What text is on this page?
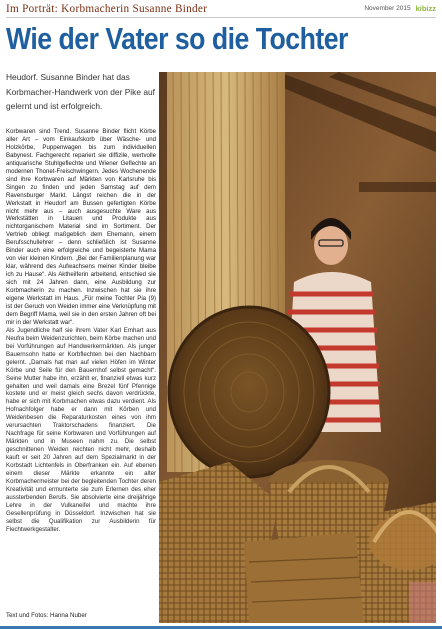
Im Porträt: Korbmacherin Susanne Binder	November 2015 kibizz
Wie der Vater so die Tochter
Heudorf. Susanne Binder hat das Korbmacher-Handwerk von der Pike auf gelernt und ist erfolgreich.

Korbwaren sind Trend. Susanne Binder flicht Körbe aller Art – vom Einkaufskorb über Wäsche- und Holzkörbe, Puppenwagen bis zum individuellen Babynest. Fachgerecht repariert sie diffizile, wertvolle antiquarische Stuhlgeflechte und Wiener Geflechte an modernen Thonet-Freischwingern. Jedes Wochenende sind ihre Korbwaren auf Märkten von Karlsruhe bis Singen zu finden und jeden Samstag auf dem Ravensburger Markt. Längst reichen die in der Werkstatt in Heudorf am Bussen gefertigten Körbe nicht mehr aus – auch ausgesuchte Ware aus Werkstätten in Litauen und Produkte aus nichtorganischem Material sind im Sortiment. Der Vertrieb obliegt maßgeblich dem Ehemann, einem Berufsschullehrer – denn schließlich ist Susanne Binder auch eine erfolgreiche und begeisterte Mama von vier kleinen Kindern. „Bei der Familienplanung war klar, während des Aufwachsens meiner Kinder bleibe ich zu Hause“. Als Aktheilferin arbeitend, entschied sie sich mit 24 Jahren dann, eine Ausbildung zur Korbmacherin zu machen. Inzwischen hat sie ihre eigene Werkstatt im Haus. „Für meine Tochter Pia (9) ist der Geruch von Weiden immer eine Verknüpfung mit dem Begriff Mama, weil sie in den ersten Jahren oft bei mir in der Werkstatt war“.

Als Jugendliche half sie ihrem Vater Karl Emhart aus Neufra beim Weidenzurichten, beim Körbe machen und bei Vorführungen auf Handwerkermärkten. Als junger Bauernsohn hatte er Korbflechten bei den Nachbarn gelernt. „Damals hat man auf vielen Höfen im Winter Körbe und Seile für den Bauernhof selbst gemacht“. Seine Mutter habe ihn, erzählt er, finanziell etwas kurz gehalten und weil damals eine Brezel fünf Pfennige kostete und er meist gleich sechs davon verdrückte, habe er sich mit Korbmachen etwas dazu verdient. Als Hofnachfolger habe er dann mit Körben und Weidenbesen die Reparaturkosten eines von ihm verursachten Traktorschadens finanziert. Die Nachfrage für seine Korbwaren und Vorführungen auf Märkten und in Museen nahm zu. Die selbst geschnittenen Weiden reichten nicht mehr, deshalb kauft er seit 20 Jahren auf dem Spezialmarkt in der Korbstadt Lichtenfels in Oberfranken ein. Auf ebenen einem dieser Märkte erkannte ein alter Korbmachermeister bei der begleitenden Tochter deren Kreativität und ermunterte sie zum Erlernen des eher aussterbenden Berufs. Sie absolvierte eine dreijährige Lehre in der Vulkaneifel und machte ihre Gesellenprüfung in Düsseldorf. Inzwischen hat sie selbst die Qualifikation zur Ausbilderin für Flechtwerkgestalter.

Text und Fotos: Hanna Nuber
